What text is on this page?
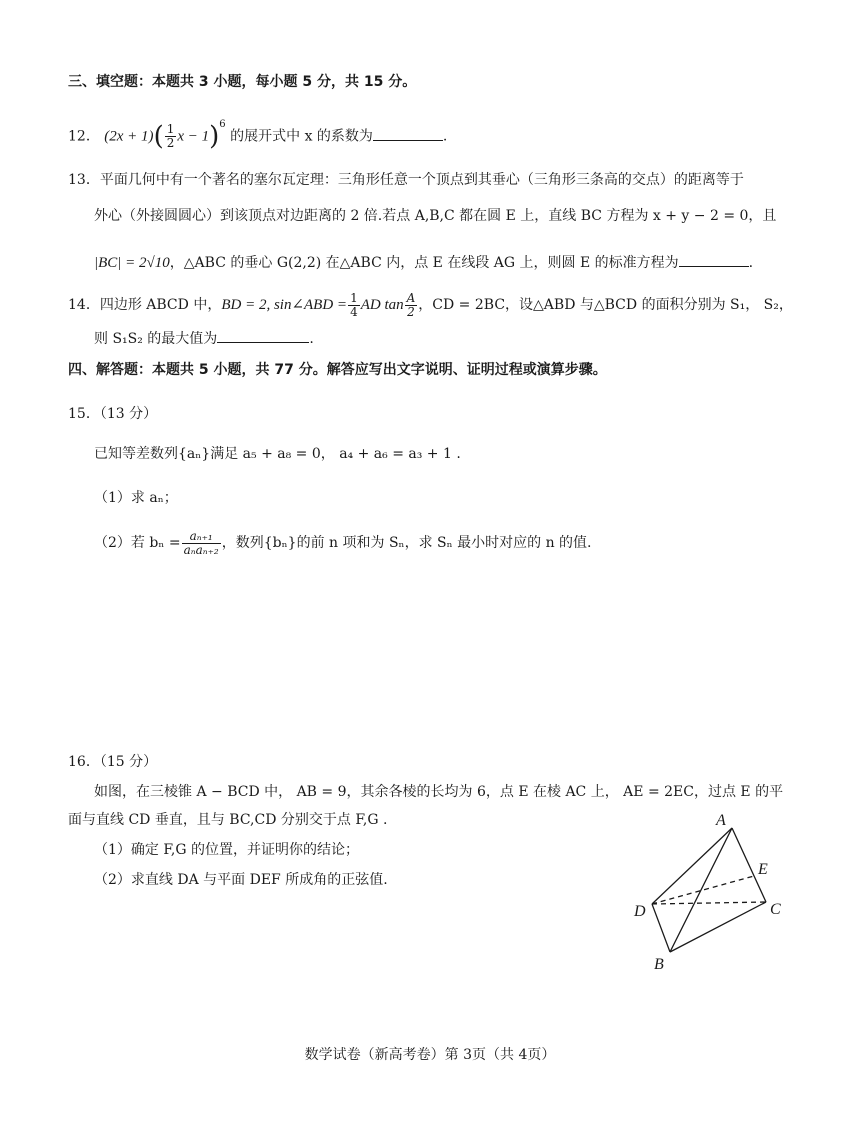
三、填空题：本题共 3 小题，每小题 5 分，共 15 分。
12． $(2x + 1)( \frac{1}{2}$ $x - 1)^6$ 的展开式中 x 的系数为	.
13．平面几何中有一个著名的塞尔瓦定理：三角形任意一个顶点到其垂心（三角形三条高的交点）的距离等于
外心（外接圆圆心）到该顶点对边距离的 2 倍.若点 A,B,C 都在圆 E 上，直线 BC 方程为 x + y − 2 = 0，且
|BC| = 2√10，△ABC 的垂心 G(2,2) 在△ABC 内，点 E 在线段 AG 上，则圆 E 的标准方程为	.
14．四边形 ABCD 中，BD = 2, sin∠ABD = $\frac{1}{4}$ AD $\tan \frac{A}{2}$ ，CD = 2BC，设△ABD 与△BCD 的面积分别为 S₁， S₂，
则 S₁S₂ 的最大值为	.
四、解答题：本题共 5 小题，共 77 分。解答应写出文字说明、证明过程或演算步骤。
15．（13 分）
已知等差数列{aₙ}满足 a₅ + a₈ = 0， a₄ + a₆ = a₃ + 1 .
（1）求 aₙ；
（2）若 $b_n = \frac{\text{aₙ₊₁}}{\text{aₙaₙ₊₂}}$ ，数列{bₙ}的前 n 项和为 Sₙ，求 Sₙ 最小时对应的 n 的值.
16．（15 分）
如图，在三棱锥 A − BCD 中， AB = 9，其余各棱的长均为 6，点 E 在棱 AC 上， AE = 2EC，过点 E 的平
面与直线 CD 垂直，且与 BC,CD 分别交于点 F,G .
（1）确定 F,G 的位置，并证明你的结论；
（2）求直线 DA 与平面 DEF 所成角的正弦值.
A
D	C
B
E
数学试卷（新高考卷）第 3页（共 4页）
